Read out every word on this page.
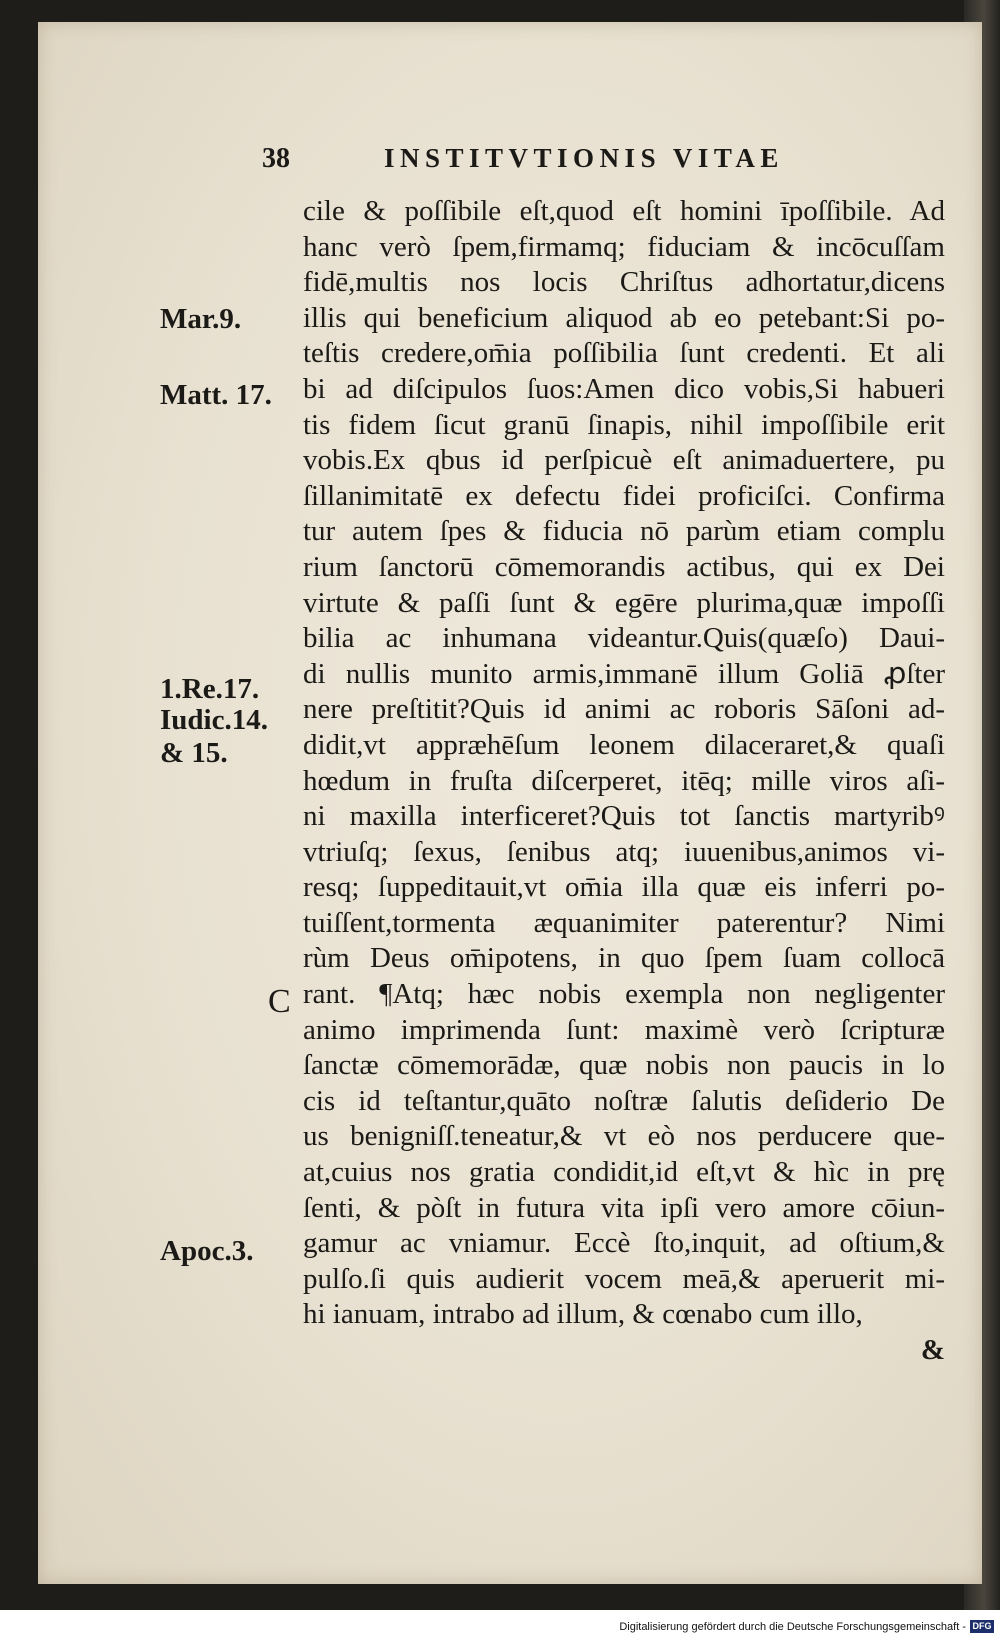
38	INSTITVTIONIS VITAE
cile & poſſibile eſt,quod eſt homini īpoſſibile. Ad
hanc verò ſpem,firmamq; fiduciam & incōcuſſam
fidē,multis nos locis Chriſtus adhortatur,dicens
illis qui beneficium aliquod ab eo petebant:Si po-
teſtis credere,om̄ia poſſibilia ſunt credenti. Et ali
bi ad diſcipulos ſuos:Amen dico vobis,Si habueri
tis fidem ſicut granū ſinapis, nihil impoſſibile erit
vobis.Ex qbus id perſpicuè eſt animaduertere, pu
ſillanimitatē ex defectu fidei proficiſci. Confirma
tur autem ſpes & fiducia nō parùm etiam complu
rium ſanctorū cōmemorandis actibus, qui ex Dei
virtute & paſſi ſunt & egēre plurima,quæ impoſſi
bilia ac inhumana videantur.Quis(quæſo) Daui-
di nullis munito armis,immanē illum Goliā ꝓſter
nere preſtitit?Quis id animi ac roboris Sāſoni ad-
didit,vt appræhēſum leonem dilaceraret,& quaſi
hœdum in fruſta diſcerperet, itēq; mille viros aſi-
ni maxilla interficeret?Quis tot ſanctis martyribꝰ
vtriuſq; ſexus, ſenibus atq; iuuenibus,animos vi-
resq; ſuppeditauit,vt om̄ia illa quæ eis inferri po-
tuiſſent,tormenta æquanimiter paterentur? Nimi
rùm Deus om̄ipotens, in quo ſpem ſuam collocā
rant. ¶Atq; hæc nobis exempla non negligenter
animo imprimenda ſunt: maximè verò ſcripturæ
ſanctæ cōmemorādæ, quæ nobis non paucis in lo
cis id teſtantur,quāto noſtræ ſalutis deſiderio De
us benigniſſ.teneatur,& vt eò nos perducere que-
at,cuius nos gratia condidit,id eſt,vt & hìc in prę
ſenti, & pòſt in futura vita ipſi vero amore cōiun-
gamur ac vniamur. Eccè ſto,inquit, ad oſtium,&
pulſo.ſi quis audierit vocem meā,& aperuerit mi-
hi ianuam, intrabo ad illum, & cœnabo cum illo,
&
Mar.9.
Matt. 17.
1.Re.17.
Iudic.14.
& 15.
Apoc.3.
C
Digitalisierung gefördert durch die Deutsche Forschungsgemeinschaft - DFG
